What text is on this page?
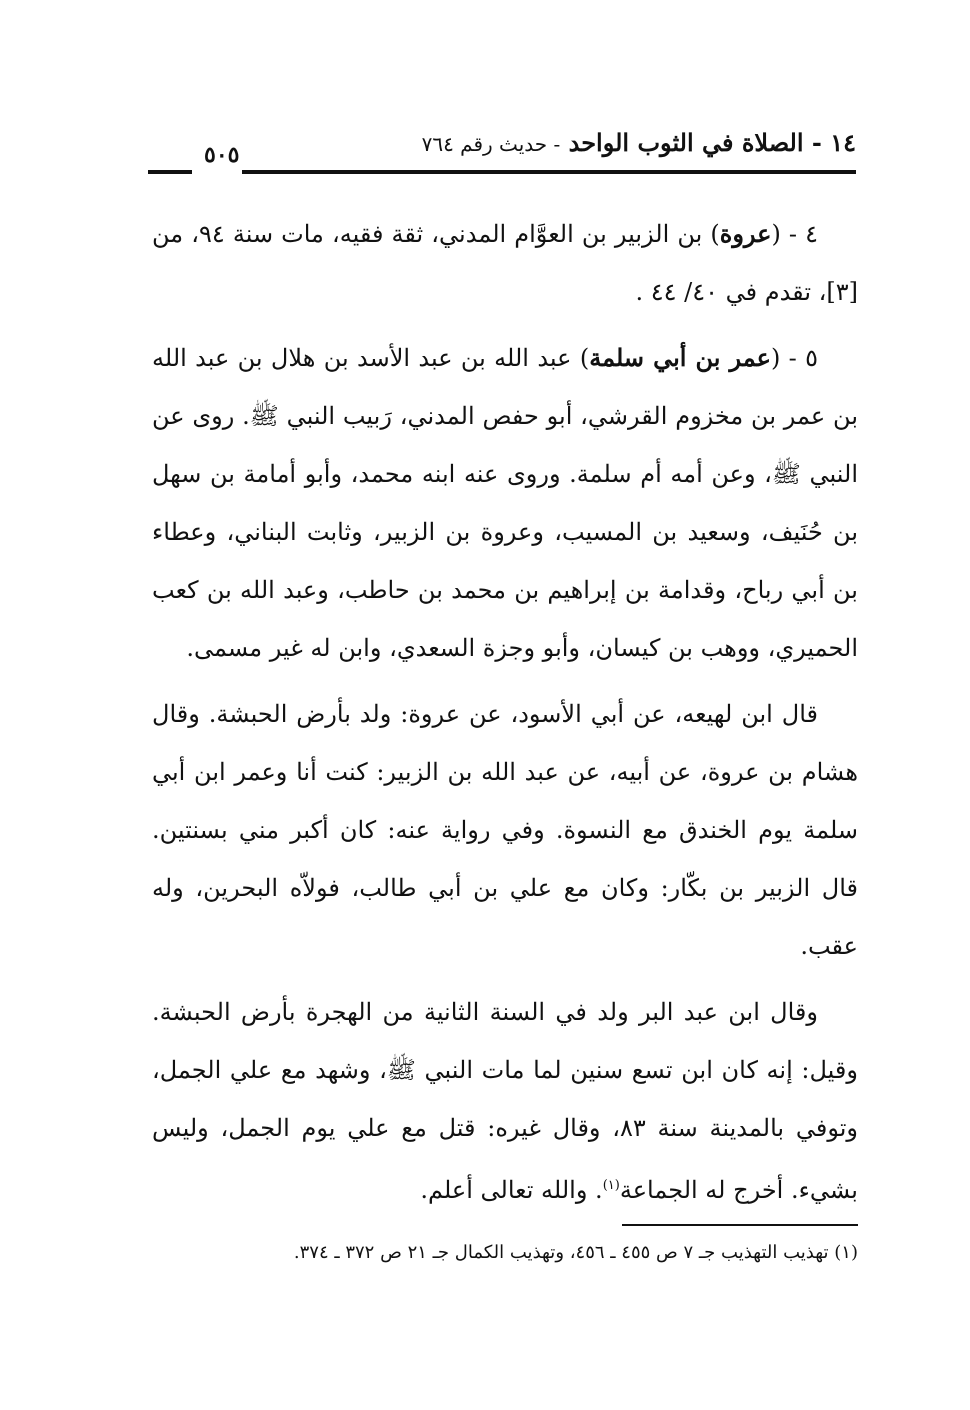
١٤ - الصلاة في الثوب الواحد - حديث رقم ٧٦٤
٥٠٥

٤ - (عروة) بن الزبير بن العوَّام المدني، ثقة فقيه، مات سنة ٩٤، من [٣]، تقدم في ٤٠/ ٤٤ .

٥ - (عمر بن أبي سلمة) عبد الله بن عبد الأسد بن هلال بن عبد الله بن عمر بن مخزوم القرشي، أبو حفص المدني، رَبيب النبي ﷺ. روى عن النبي ﷺ، وعن أمه أم سلمة. وروى عنه ابنه محمد، وأبو أمامة بن سهل بن حُنَيف، وسعيد بن المسيب، وعروة بن الزبير، وثابت البناني، وعطاء بن أبي رباح، وقدامة بن إبراهيم بن محمد بن حاطب، وعبد الله بن كعب الحميري، ووهب بن كيسان، وأبو وجزة السعدي، وابن له غير مسمى.

قال ابن لهيعه، عن أبي الأسود، عن عروة: ولد بأرض الحبشة. وقال هشام بن عروة، عن أبيه، عن عبد الله بن الزبير: كنت أنا وعمر ابن أبي سلمة يوم الخندق مع النسوة. وفي رواية عنه: كان أكبر مني بسنتين. قال الزبير بن بكّار: وكان مع علي بن أبي طالب، فولاّه البحرين، وله عقب.

وقال ابن عبد البر ولد في السنة الثانية من الهجرة بأرض الحبشة. وقيل: إنه كان ابن تسع سنين لما مات النبي ﷺ، وشهد مع علي الجمل، وتوفي بالمدينة سنة ٨٣، وقال غيره: قتل مع علي يوم الجمل، وليس بشيء. أخرج له الجماعة$^{(١)}$. والله تعالى أعلم.

(١) تهذيب التهذيب جـ ٧ ص ٤٥٥ ـ ٤٥٦، وتهذيب الكمال جـ ٢١ ص ٣٧٢ ـ ٣٧٤.
